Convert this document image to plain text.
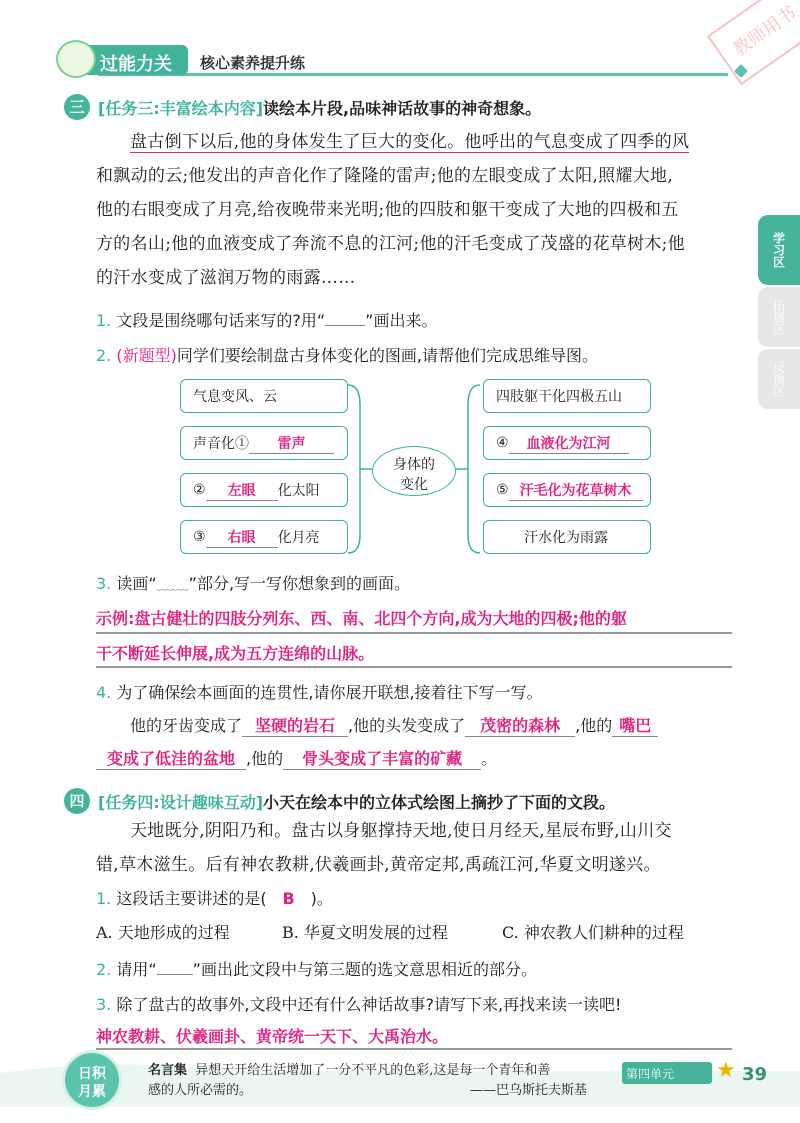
教师用书
过能力关 核心素养提升练
学习区
拓展区
反馈区
三 [任务三:丰富绘本内容]读绘本片段,品味神话故事的神奇想象。
盘古倒下以后,他的身体发生了巨大的变化。他呼出的气息变成了四季的风
和飘动的云;他发出的声音化作了隆隆的雷声;他的左眼变成了太阳,照耀大地,
他的右眼变成了月亮,给夜晚带来光明;他的四肢和躯干变成了大地的四极和五
方的名山;他的血液变成了奔流不息的江河;他的汗毛变成了茂盛的花草树木;他
的汗水变成了滋润万物的雨露……
1. 文段是围绕哪句话来写的?用“	”画出来。
2. (新题型)同学们要绘制盘古身体变化的图画,请帮他们完成思维导图。
气息变风、云
声音化①	雷声
②	左眼	化太阳
③	右眼	化月亮
身体的
变化
四肢躯干化四极五山
④	血液化为江河
⑤ 汗毛化为花草树木
汗水化为雨露
3. 读画“﹏﹏”部分,写一写你想象到的画面。
示例:盘古健壮的四肢分列东、西、南、北四个方向,成为大地的四极;他的躯
干不断延长伸展,成为五方连绵的山脉。
4. 为了确保绘本画面的连贯性,请你展开联想,接着往下写一写。
他的牙齿变成了 坚硬的岩石 ,他的头发变成了 茂密的森林 ,他的 嘴巴
变成了低洼的盆地 ,他的 骨头变成了丰富的矿藏 。
四 [任务四:设计趣味互动]小天在绘本中的立体式绘图上摘抄了下面的文段。
天地既分,阴阳乃和。盘古以身躯撑持天地,使日月经天,星辰布野,山川交
错,草木滋生。后有神农教耕,伏羲画卦,黄帝定邦,禹疏江河,华夏文明遂兴。
1. 这段话主要讲述的是( B )。
A. 天地形成的过程	B. 华夏文明发展的过程	C. 神农教人们耕种的过程
2. 请用“ ”画出此文段中与第三题的选文意思相近的部分。
3. 除了盘古的故事外,文段中还有什么神话故事?请写下来,再找来读一读吧!
神农教耕、伏羲画卦、黄帝统一天下、大禹治水。
日积
月累
名言集 异想天开给生活增加了一分不平凡的色彩,这是每一个青年和善
感的人所必需的。	——巴乌斯托夫斯基
第四单元	★ 39
